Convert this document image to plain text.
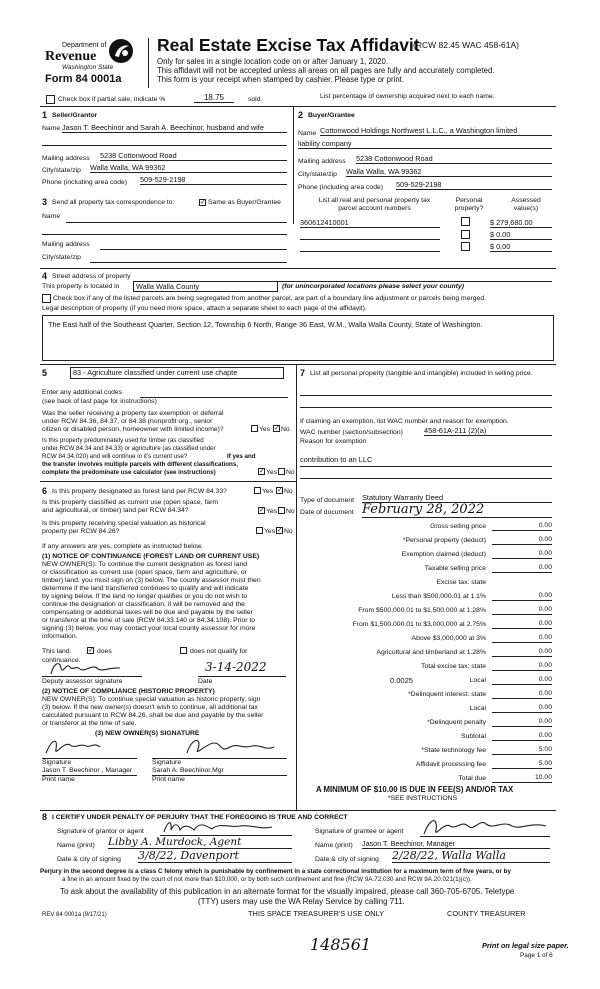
Department of
Revenue
Washington State
Form 84 0001a
Real Estate Excise Tax Affidavit
(RCW 82.45 WAC 458-61A)
Only for sales in a single location code on or after January 1, 2020.
This affidavit will not be accepted unless all areas on all pages are fully and accurately completed.
This form is your receipt when stamped by cashier. Please type or print.
Check box if partial sale, indicate %	18.75	sold.	List percentage of ownership acquired next to each name.
1 Seller/Grantor
Name Jason T. Beechinor and Sarah A. Beechinor, husband and wife
Mailing address 5238 Cottonwood Road
City/state/zip Walla Walla, WA 99362
Phone (including area code) 509-529-2198
2 Buyer/Grantee
Name Cottonwood Holdings Northwest L.L.C., a Washington limited
liability company
Mailing address 5238 Cottonwood Road
City/state/zip Walla Walla, WA 99362
Phone (including area code) 509-529-2198
3 Send all property tax correspondence to:	✓ Same as Buyer/Grantee
Name
Mailing address
City/state/zip
List all real and personal property tax parcel account numbers
Personal property?
Assessed value(s)
360612410001	$ 279,680.00
$ 0.00
$ 0.00
4 Street address of property
This property is located in	Walla Walla County	(for unincorporated locations please select your county)
Check box if any of the listed parcels are being segregated from another parcel, are part of a boundary line adjustment or parcels being merged.
Legal description of property (if you need more space, attach a separate sheet to each page of the affidavit).
The East half of the Southeast Quarter, Section 12, Township 6 North, Range 36 East, W.M., Walla Walla County, State of Washington.
5	83 - Agriculture classified under current use chapte
Enter any additional codes
(see back of last page for instructions)
Was the seller receiving a property tax exemption or deferral
under RCW 84.36, 84.37, or 84.38 (nonprofit org., senior
citizen or disabled person, homeowner with limited income)?	Yes ✓ No
Is this property predominately used for timber (as classified
under RCW 84.34 and 84.33) or agriculture (as classified under
RCW 84.34.020) and will continue in it's current use?	If yes and
the transfer involves multiple parcels with different classifications,
complete the predominate use calculator (see instructions)	✓ Yes No
6 Is this property designated as forest land per RCW 84.33?	Yes ✓ No
Is this property classified as current use (open space, farm
and agricultural, or timber) land per RCW 84.34?	✓ Yes No
Is this property receiving special valuation as historical
property per RCW 84.26?	Yes ✓ No
If any answers are yes, complete as instructed below.
(1) NOTICE OF CONTINUANCE (FOREST LAND OR CURRENT USE)
NEW OWNER(S): To continue the current designation as forest land
or classification as current use (open space, farm and agriculture, or
timber) land, you must sign on (3) below. The county assessor must then
determine if the land transferred continues to qualify and will indicate
by signing below. If the land no longer qualifies or you do not wish to
continue the designation or classification, it will be removed and the
compensating or additional taxes will be due and payable by the seller
or transferor at the time of sale (RCW 84.33.140 or 84.34.108). Prior to
signing (3) below, you may contact your local county assessor for more
information.
This land: ✓ does	does not qualify for
continuance.	3-14-2022
Deputy assessor signature	Date
(2) NOTICE OF COMPLIANCE (HISTORIC PROPERTY)
NEW OWNER(S): To continue special valuation as historic property, sign
(3) below. If the new owner(s) doesn't wish to continue, all additional tax
calculated pursuant to RCW 84.26, shall be due and payable by the seller
or transferor at the time of sale.
(3) NEW OWNER(S) SIGNATURE
Signature	Signature
Jason T. Beechinor , Manager	Sarah A. Beechinor,Mgr
Print name	Print name
7 List all personal property (tangible and intangible) included in selling price.
If claiming an exemption, list WAC number and reason for exemption.
WAC number (section/subsection)	458-61A-211 (2)(a)
Reason for exemption
contribution to an LLC
Type of document Statutory Warranty Deed
Date of document February 28, 2022
Gross selling price	0.00
*Personal property (deduct)	0.00
Exemption claimed (deduct)	0.00
Taxable selling price	0.00
Excise tax: state
Less than $500,000.01 at 1.1%	0.00
From $500,000.01 to $1,500,000 at 1.28%	0.00
From $1,500,000.01 to $3,000,000 at 2.75%	0.00
Above $3,000,000 at 3%	0.00
Agricultural and timberland at 1.28%	0.00
Total excise tax: state	0.00
0.0025	Local	0.00
*Delinquent interest: state	0.00
Local	0.00
*Delinquent penalty	0.00
Subtotal	0.00
*State technology fee	5.00
Affidavit processing fee	5.00
Total due	10.00
A MINIMUM OF $10.00 IS DUE IN FEE(S) AND/OR TAX
*SEE INSTRUCTIONS
8 I CERTIFY UNDER PENALTY OF PERJURY THAT THE FOREGOING IS TRUE AND CORRECT
Signature of grantor or agent
Name (print) Libby A. Murdock, Agent
Date & city of signing 3/8/22, Davenport
Signature of grantee or agent
Name (print) Jason T. Beechinor, Manager
Date & city of signing 2/28/22, Walla Walla
Perjury in the second degree is a class C felony which is punishable by confinement in a state correctional institution for a maximum term of five years, or by
a fine in an amount fixed by the court of not more than $10,000, or by both such confinement and fine (RCW 9A.72.030 and RCW 9A.20.021(1)(c)).
To ask about the availability of this publication in an alternate format for the visually impaired, please call 360-705-6705. Teletype
(TTY) users may use the WA Relay Service by calling 711.
REV 84 0001a (9/17/21)	THIS SPACE TREASURER'S USE ONLY	COUNTY TREASURER
148561	Print on legal size paper.
Page 1 of 6
